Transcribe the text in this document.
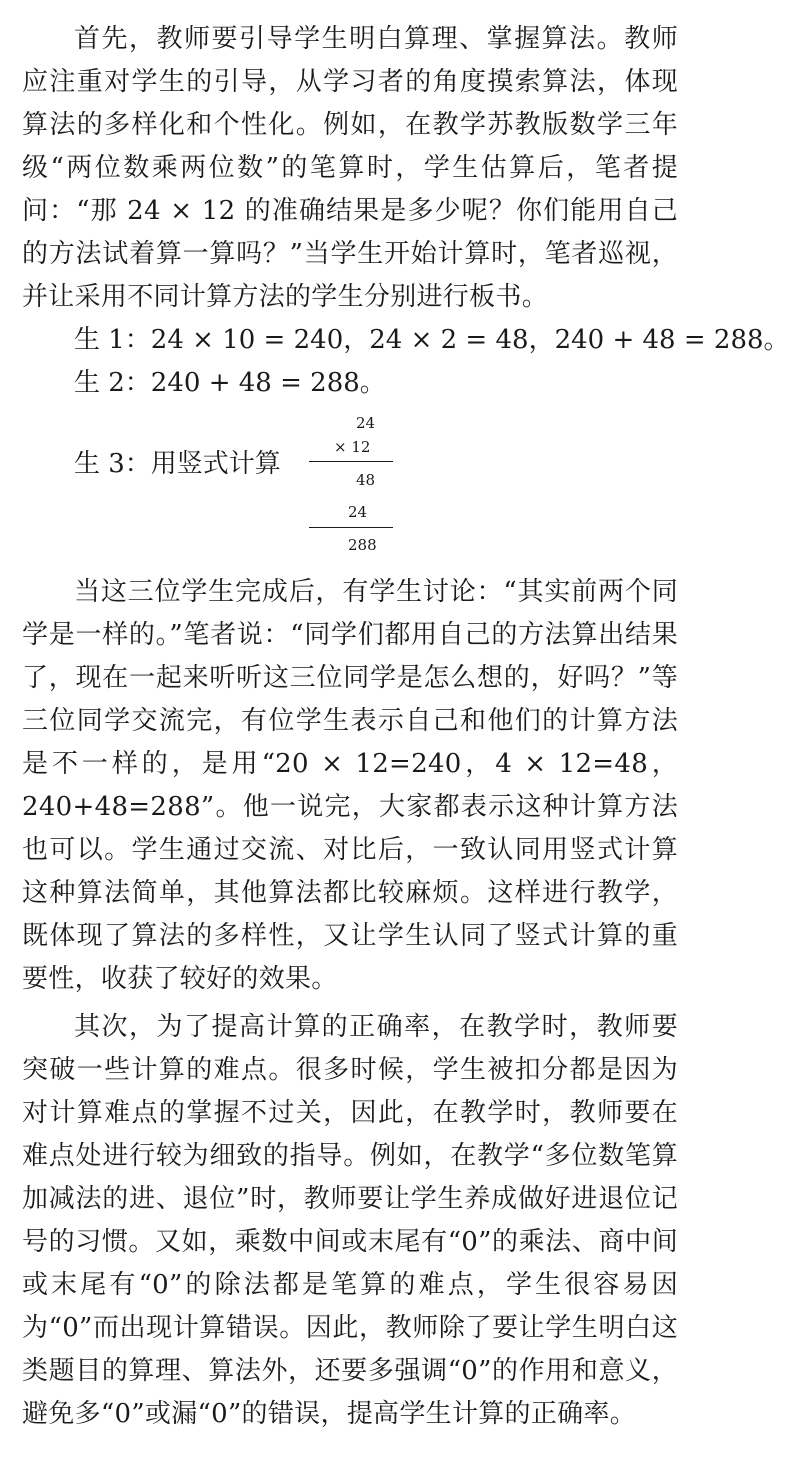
首先，教师要引导学生明白算理、掌握算法。教师应注重对学生的引导，从学习者的角度摸索算法，体现算法的多样化和个性化。例如，在教学苏教版数学三年级“两位数乘两位数”的笔算时，学生估算后，笔者提问：“那 24 × 12 的准确结果是多少呢？你们能用自己的方法试着算一算吗？”当学生开始计算时，笔者巡视，并让采用不同计算方法的学生分别进行板书。

生 1：24 × 10 = 240，24 × 2 = 48，240 + 48 = 288。

生 2：240 + 48 = 288。

生 3：用竖式计算
24
× 12
48
24
288

当这三位学生完成后，有学生讨论：“其实前两个同学是一样的。”笔者说：“同学们都用自己的方法算出结果了，现在一起来听听这三位同学是怎么想的，好吗？”等三位同学交流完，有位学生表示自己和他们的计算方法是不一样的，是用“20 × 12=240，4 × 12=48，240+48=288”。他一说完，大家都表示这种计算方法也可以。学生通过交流、对比后，一致认同用竖式计算这种算法简单，其他算法都比较麻烦。这样进行教学，既体现了算法的多样性，又让学生认同了竖式计算的重要性，收获了较好的效果。

其次，为了提高计算的正确率，在教学时，教师要突破一些计算的难点。很多时候，学生被扣分都是因为对计算难点的掌握不过关，因此，在教学时，教师要在难点处进行较为细致的指导。例如，在教学“多位数笔算加减法的进、退位”时，教师要让学生养成做好进退位记号的习惯。又如，乘数中间或末尾有“0”的乘法、商中间或末尾有“0”的除法都是笔算的难点，学生很容易因为“0”而出现计算错误。因此，教师除了要让学生明白这类题目的算理、算法外，还要多强调“0”的作用和意义，避免多“0”或漏“0”的错误，提高学生计算的正确率。
